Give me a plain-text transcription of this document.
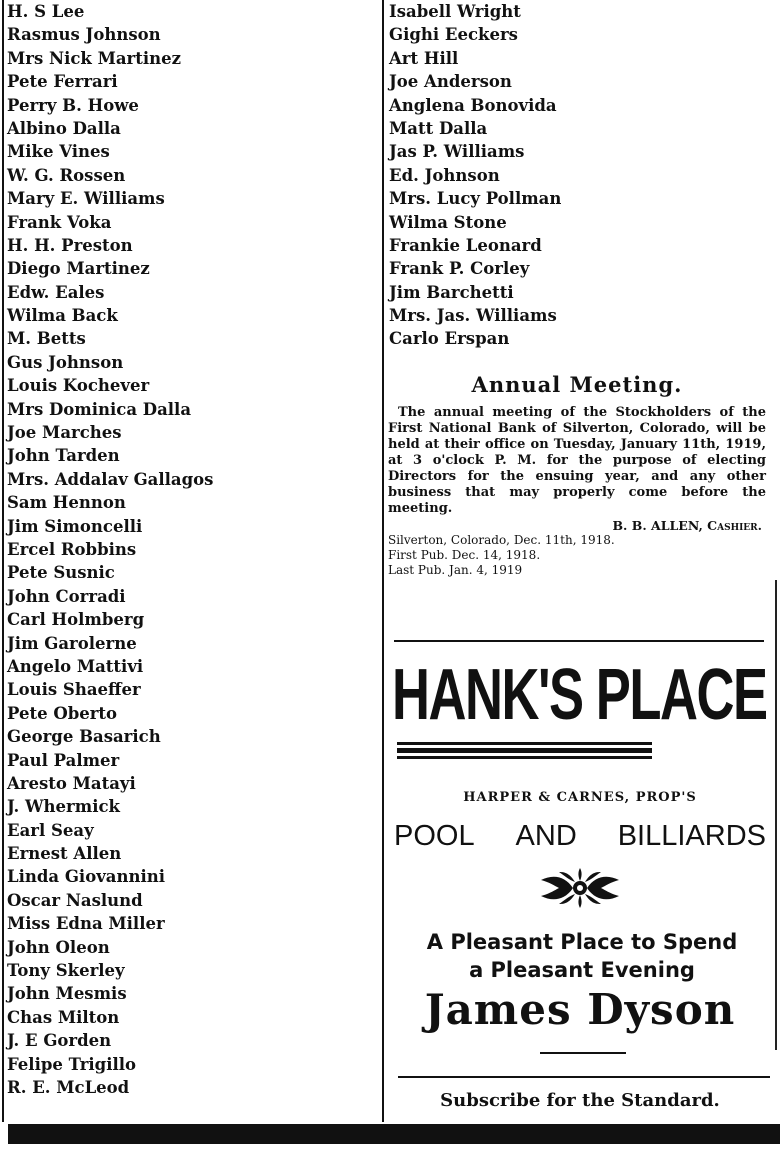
H. S Lee
Rasmus Johnson
Mrs Nick Martinez
Pete Ferrari
Perry B. Howe
Albino Dalla
Mike Vines
W. G. Rossen
Mary E. Williams
Frank Voka
H. H. Preston
Diego Martinez
Edw. Eales
Wilma Back
M. Betts
Gus Johnson
Louis Kochever
Mrs Dominica Dalla
Joe Marches
John Tarden
Mrs. Addalav Gallagos
Sam Hennon
Jim Simoncelli
Ercel Robbins
Pete Susnic
John Corradi
Carl Holmberg
Jim Garolerne
Angelo Mattivi
Louis Shaeffer
Pete Oberto
George Basarich
Paul Palmer
Aresto Matayi
J. Whermick
Earl Seay
Ernest Allen
Linda Giovannini
Oscar Naslund
Miss Edna Miller
John Oleon
Tony Skerley
John Mesmis
Chas Milton
J. E Gorden
Felipe Trigillo
R. E. McLeod
Isabell Wright
Gighi Eeckers
Art Hill
Joe Anderson
Anglena Bonovida
Matt Dalla
Jas P. Williams
Ed. Johnson
Mrs. Lucy Pollman
Wilma Stone
Frankie Leonard
Frank P. Corley
Jim Barchetti
Mrs. Jas. Williams
Carlo Erspan
Annual Meeting.

The annual meeting of the Stockholders of the First National Bank of Silverton, Colorado, will be held at their office on Tuesday, January 11th, 1919, at 3 o'clock P. M. for the purpose of electing Directors for the ensuing year, and any other business that may properly come before the meeting.

B. B. ALLEN, Cashier.

Silverton, Colorado, Dec. 11th, 1918.

First Pub. Dec. 14, 1918.

Last Pub. Jan. 4, 1919

HANK'S PLACE
HARPER & CARNES, PROP'S
POOL AND BILLIARDS
A Pleasant Place to Spend
a Pleasant Evening
James Dyson
Subscribe for the Standard.
